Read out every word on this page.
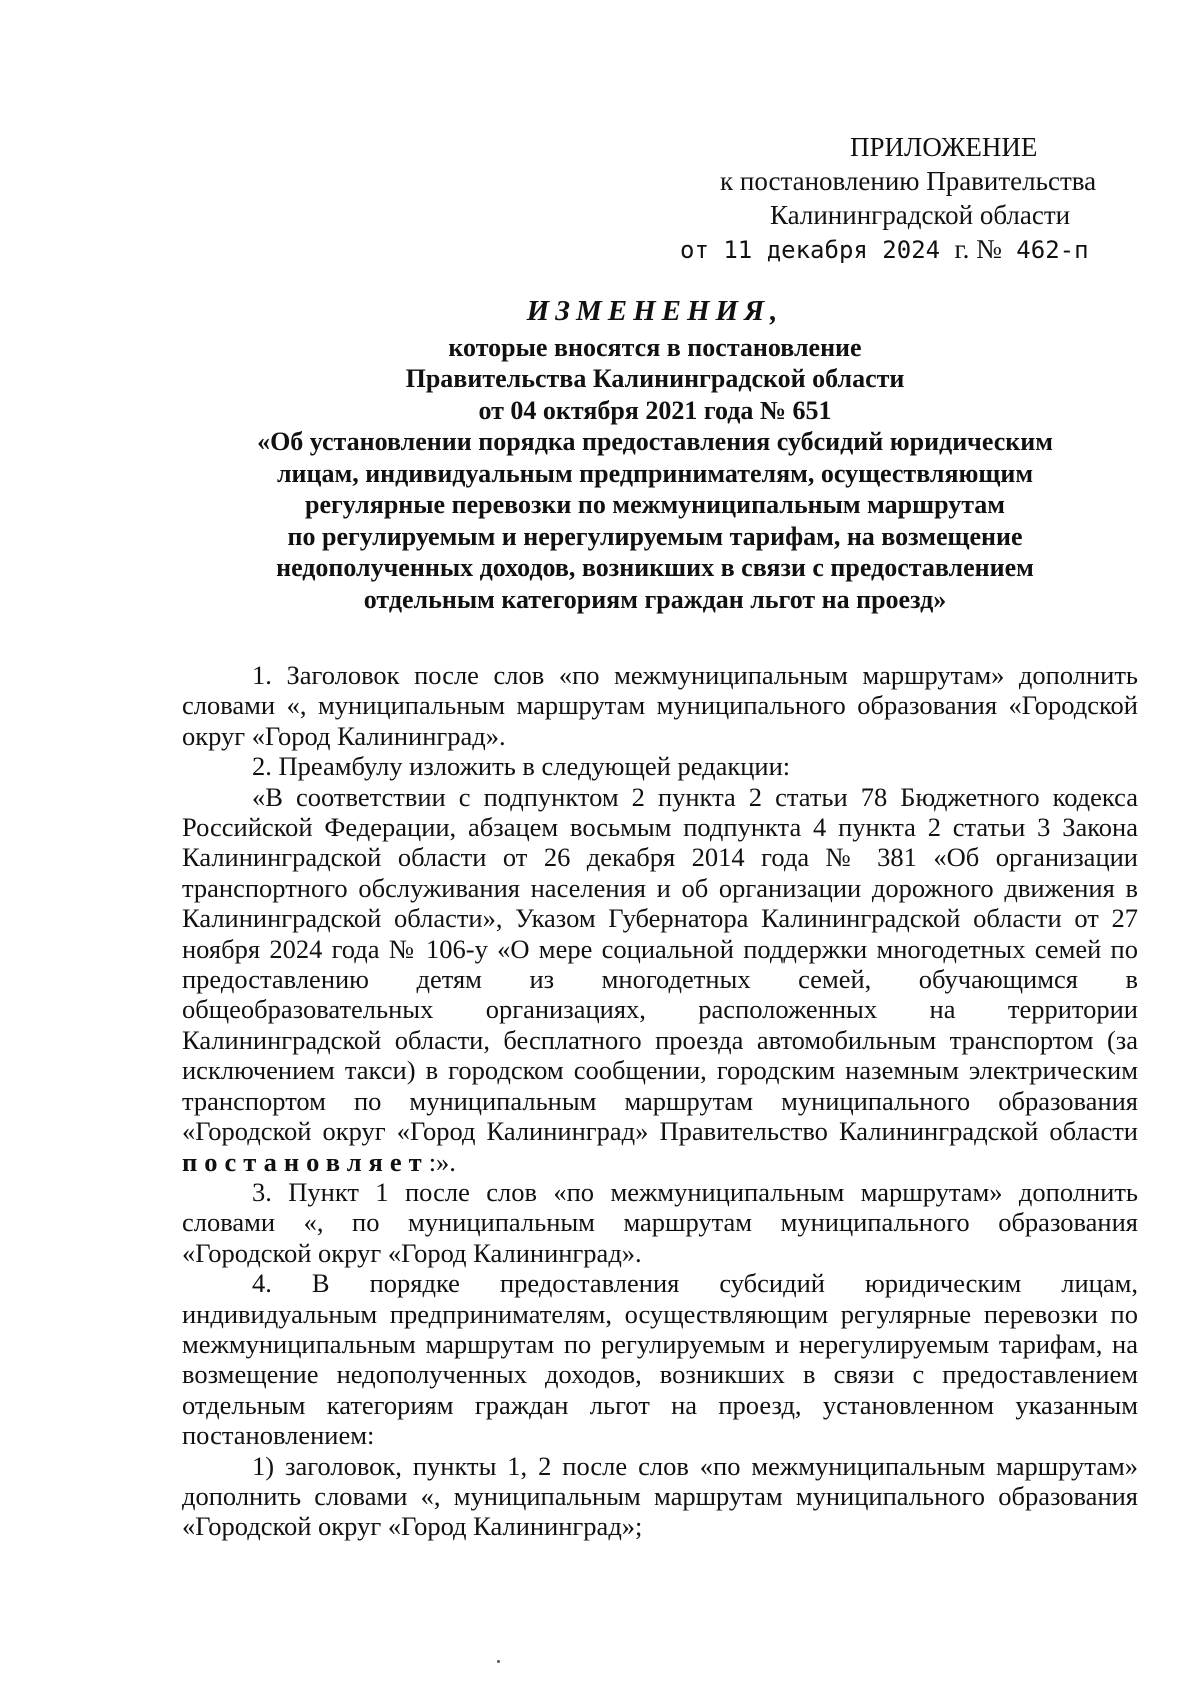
ПРИЛОЖЕНИЕ
к постановлению Правительства
Калининградской области
от 11 декабря 2024 г. № 462-п
ИЗМЕНЕНИЯ,
которые вносятся в постановление
Правительства Калининградской области
от 04 октября 2021 года № 651
«Об установлении порядка предоставления субсидий юридическим
лицам, индивидуальным предпринимателям, осуществляющим
регулярные перевозки по межмуниципальным маршрутам
по регулируемым и нерегулируемым тарифам, на возмещение
недополученных доходов, возникших в связи с предоставлением
отдельным категориям граждан льгот на проезд»

1. Заголовок после слов «по межмуниципальным маршрутам» дополнить словами «, муниципальным маршрутам муниципального образования «Городской округ «Город Калининград».

2. Преамбулу изложить в следующей редакции:

«В соответствии с подпунктом 2 пункта 2 статьи 78 Бюджетного кодекса Российской Федерации, абзацем восьмым подпункта 4 пункта 2 статьи 3 Закона Калининградской области от 26 декабря 2014 года № 381 «Об организации транспортного обслуживания населения и об организации дорожного движения в Калининградской области», Указом Губернатора Калининградской области от 27 ноября 2024 года № 106-у «О мере социальной поддержки многодетных семей по предоставлению детям из многодетных семей, обучающимся в общеобразовательных организациях, расположенных на территории Калининградской области, бесплатного проезда автомобильным транспортом (за исключением такси) в городском сообщении, городским наземным электрическим транспортом по муниципальным маршрутам муниципального образования «Городской округ «Город Калининград» Правительство Калининградской области постановляет:».

3. Пункт 1 после слов «по межмуниципальным маршрутам» дополнить словами «, по муниципальным маршрутам муниципального образования «Городской округ «Город Калининград».

4. В порядке предоставления субсидий юридическим лицам, индивидуальным предпринимателям, осуществляющим регулярные перевозки по межмуниципальным маршрутам по регулируемым и нерегулируемым тарифам, на возмещение недополученных доходов, возникших в связи с предоставлением отдельным категориям граждан льгот на проезд, установленном указанным постановлением:

1) заголовок, пункты 1, 2 после слов «по межмуниципальным маршрутам» дополнить словами «, муниципальным маршрутам муниципального образования «Городской округ «Город Калининград»;
